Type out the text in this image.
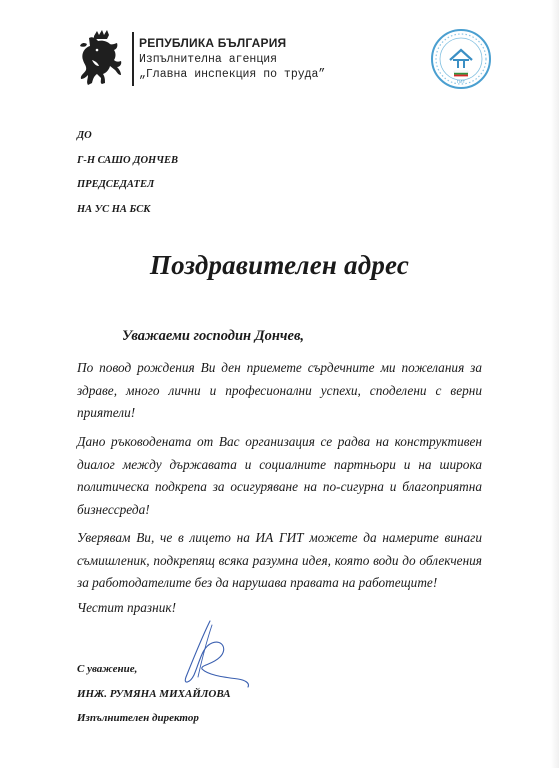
РЕПУБЛИКА БЪЛГАРИЯ
Изпълнителна агенция
„Главна инспекция по труда”
ГИТ
ДО
Г-Н САШО ДОНЧЕВ
ПРЕДСЕДАТЕЛ
НА УС НА БСК
Поздравителен адрес
Уважаеми господин Дончев,
По повод рождения Ви ден приемете сърдечните ми пожелания за здраве, много лични и професионални успехи, споделени с верни приятели!
Дано ръководената от Вас организация се радва на конструктивен диалог между държавата и социалните партньори и на широка политическа подкрепа за осигуряване на по-сигурна и благоприятна бизнессреда!
Уверявам Ви, че в лицето на ИА ГИТ можете да намерите винаги съмишленик, подкрепящ всяка разумна идея, която води до облекчения за работодателите без да нарушава правата на работещите!
Честит празник!
С уважение,
ИНЖ. РУМЯНА МИХАЙЛОВА
Изпълнителен директор
